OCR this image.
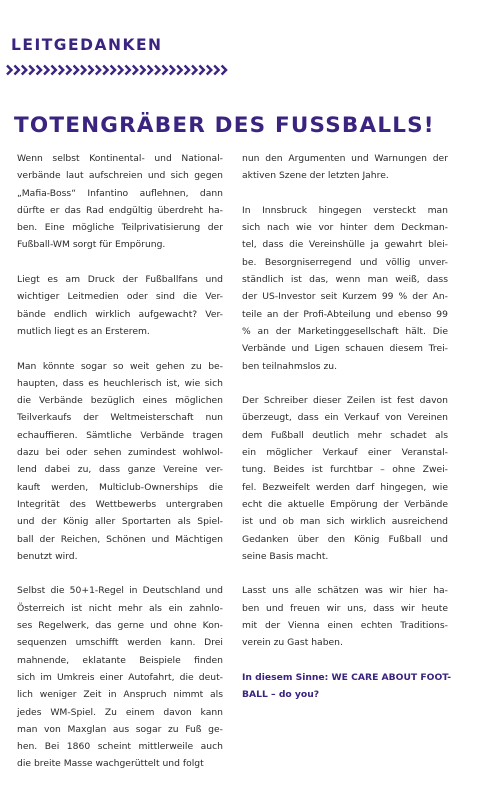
LEITGEDANKEN
TOTENGRÄBER DES FUSSBALLS!

Wenn selbst Kontinental- und National-
verbände laut aufschreien und sich gegen
„Mafia-Boss“ Infantino auflehnen, dann
dürfte er das Rad endgültig überdreht ha-
ben. Eine mögliche Teilprivatisierung der
Fußball-WM sorgt für Empörung.

Liegt es am Druck der Fußballfans und
wichtiger Leitmedien oder sind die Ver-
bände endlich wirklich aufgewacht? Ver-
mutlich liegt es an Ersterem.

Man könnte sogar so weit gehen zu be-
haupten, dass es heuchlerisch ist, wie sich
die Verbände bezüglich eines möglichen
Teilverkaufs der Weltmeisterschaft nun
echauffieren. Sämtliche Verbände tragen
dazu bei oder sehen zumindest wohlwol-
lend dabei zu, dass ganze Vereine ver-
kauft werden, Multiclub-Ownerships die
Integrität des Wettbewerbs untergraben
und der König aller Sportarten als Spiel-
ball der Reichen, Schönen und Mächtigen
benutzt wird.

Selbst die 50+1-Regel in Deutschland und
Österreich ist nicht mehr als ein zahnlo-
ses Regelwerk, das gerne und ohne Kon-
sequenzen umschifft werden kann. Drei
mahnende, eklatante Beispiele finden
sich im Umkreis einer Autofahrt, die deut-
lich weniger Zeit in Anspruch nimmt als
jedes WM-Spiel. Zu einem davon kann
man von Maxglan aus sogar zu Fuß ge-
hen. Bei 1860 scheint mittlerweile auch
die breite Masse wachgerüttelt und folgt

nun den Argumenten und Warnungen der
aktiven Szene der letzten Jahre.

In Innsbruck hingegen versteckt man
sich nach wie vor hinter dem Deckman-
tel, dass die Vereinshülle ja gewahrt blei-
be. Besorgniserregend und völlig unver-
ständlich ist das, wenn man weiß, dass
der US-Investor seit Kurzem 99 % der An-
teile an der Profi-Abteilung und ebenso 99
% an der Marketinggesellschaft hält. Die
Verbände und Ligen schauen diesem Trei-
ben teilnahmslos zu.

Der Schreiber dieser Zeilen ist fest davon
überzeugt, dass ein Verkauf von Vereinen
dem Fußball deutlich mehr schadet als
ein möglicher Verkauf einer Veranstal-
tung. Beides ist furchtbar – ohne Zwei-
fel. Bezweifelt werden darf hingegen, wie
echt die aktuelle Empörung der Verbände
ist und ob man sich wirklich ausreichend
Gedanken über den König Fußball und
seine Basis macht.

Lasst uns alle schätzen was wir hier ha-
ben und freuen wir uns, dass wir heute
mit der Vienna einen echten Traditions-
verein zu Gast haben.

In diesem Sinne: WE CARE ABOUT FOOT-
BALL – do you?
